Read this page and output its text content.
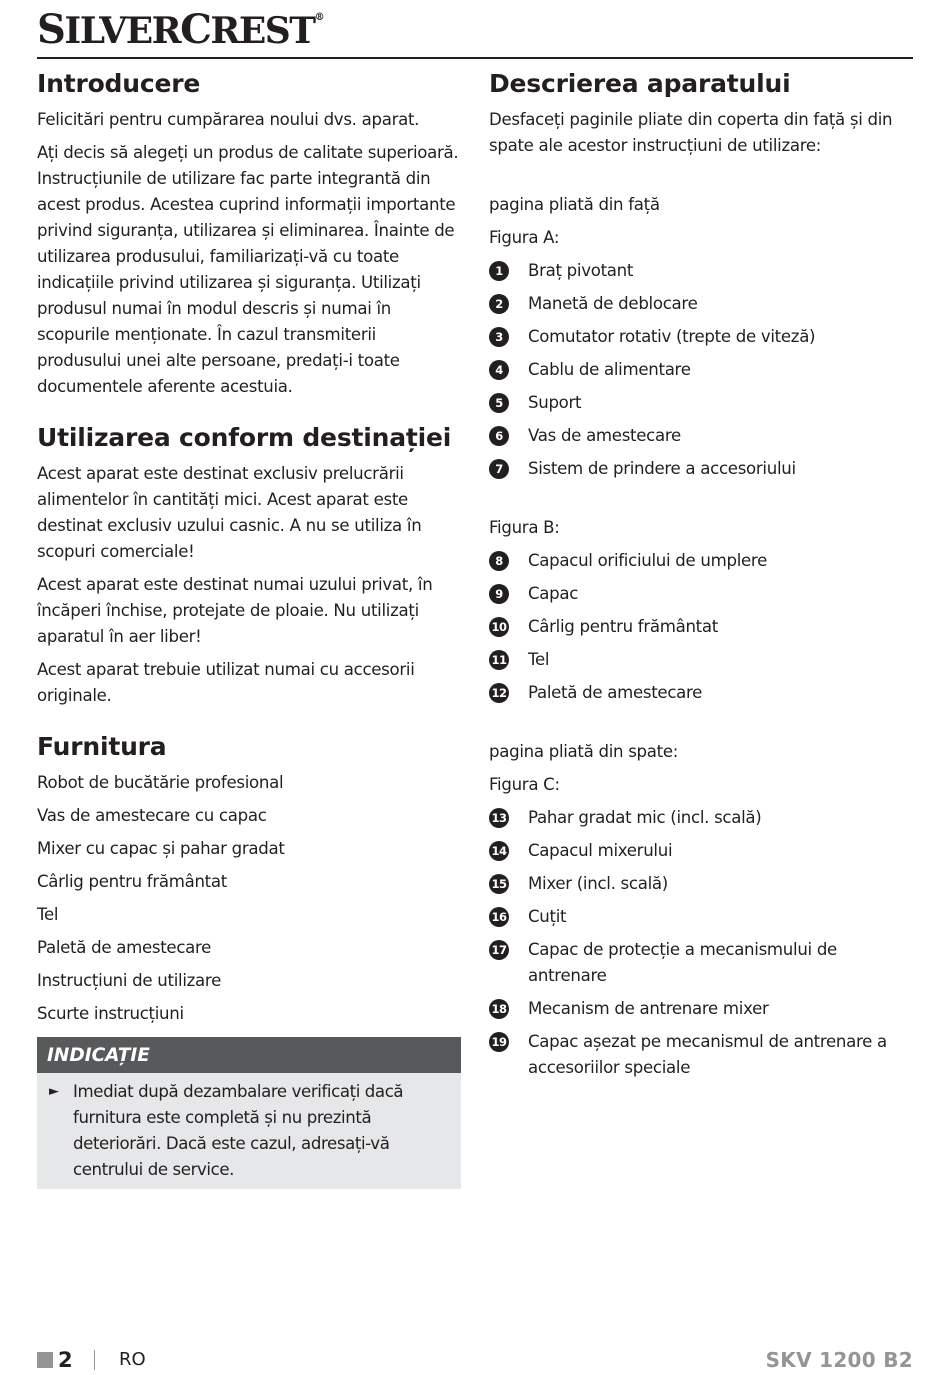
SILVERCREST®
Introducere

Felicitări pentru cumpărarea noului dvs. aparat.

Ați decis să alegeți un produs de calitate superioară. Instrucțiunile de utilizare fac parte integrantă din acest produs. Acestea cuprind informații importante privind siguranța, utilizarea și eliminarea. Înainte de utilizarea produsului, familiarizați-vă cu toate indicațiile privind utilizarea și siguranța. Utilizați produsul numai în modul descris și numai în scopurile menționate. În cazul transmiterii produsului unei alte persoane, predați-i toate documentele aferente acestuia.

Utilizarea conform destinației

Acest aparat este destinat exclusiv prelucrării alimentelor în cantități mici. Acest aparat este destinat exclusiv uzului casnic. A nu se utiliza în scopuri comerciale!

Acest aparat este destinat numai uzului privat, în încăperi închise, protejate de ploaie. Nu utilizați aparatul în aer liber!

Acest aparat trebuie utilizat numai cu accesorii originale.

Furnitura

Robot de bucătărie profesional

Vas de amestecare cu capac

Mixer cu capac și pahar gradat

Cârlig pentru frământat

Tel

Paletă de amestecare

Instrucțiuni de utilizare

Scurte instrucțiuni

INDICAȚIE
► Imediat după dezambalare verificați dacă furnitura este completă și nu prezintă deteriorări. Dacă este cazul, adresați-vă centrului de service.
Descrierea aparatului

Desfaceți paginile pliate din coperta din față și din spate ale acestor instrucțiuni de utilizare:

pagina pliată din față

Figura A:

1	Braț pivotant
2	Manetă de deblocare
3	Comutator rotativ (trepte de viteză)
4	Cablu de alimentare
5	Suport
6	Vas de amestecare
7	Sistem de prindere a accesoriului

Figura B:

8	Capacul orificiului de umplere
9	Capac
10 Cârlig pentru frământat
11 Tel
12 Paletă de amestecare

pagina pliată din spate:

Figura C:

13 Pahar gradat mic (incl. scală)
14 Capacul mixerului
15 Mixer (incl. scală)
16 Cuțit
17 Capac de protecție a mecanismului de antrenare
18 Mecanism de antrenare mixer
19 Capac așezat pe mecanismul de antrenare a accesoriilor speciale
2	RO	SKV 1200 B2
